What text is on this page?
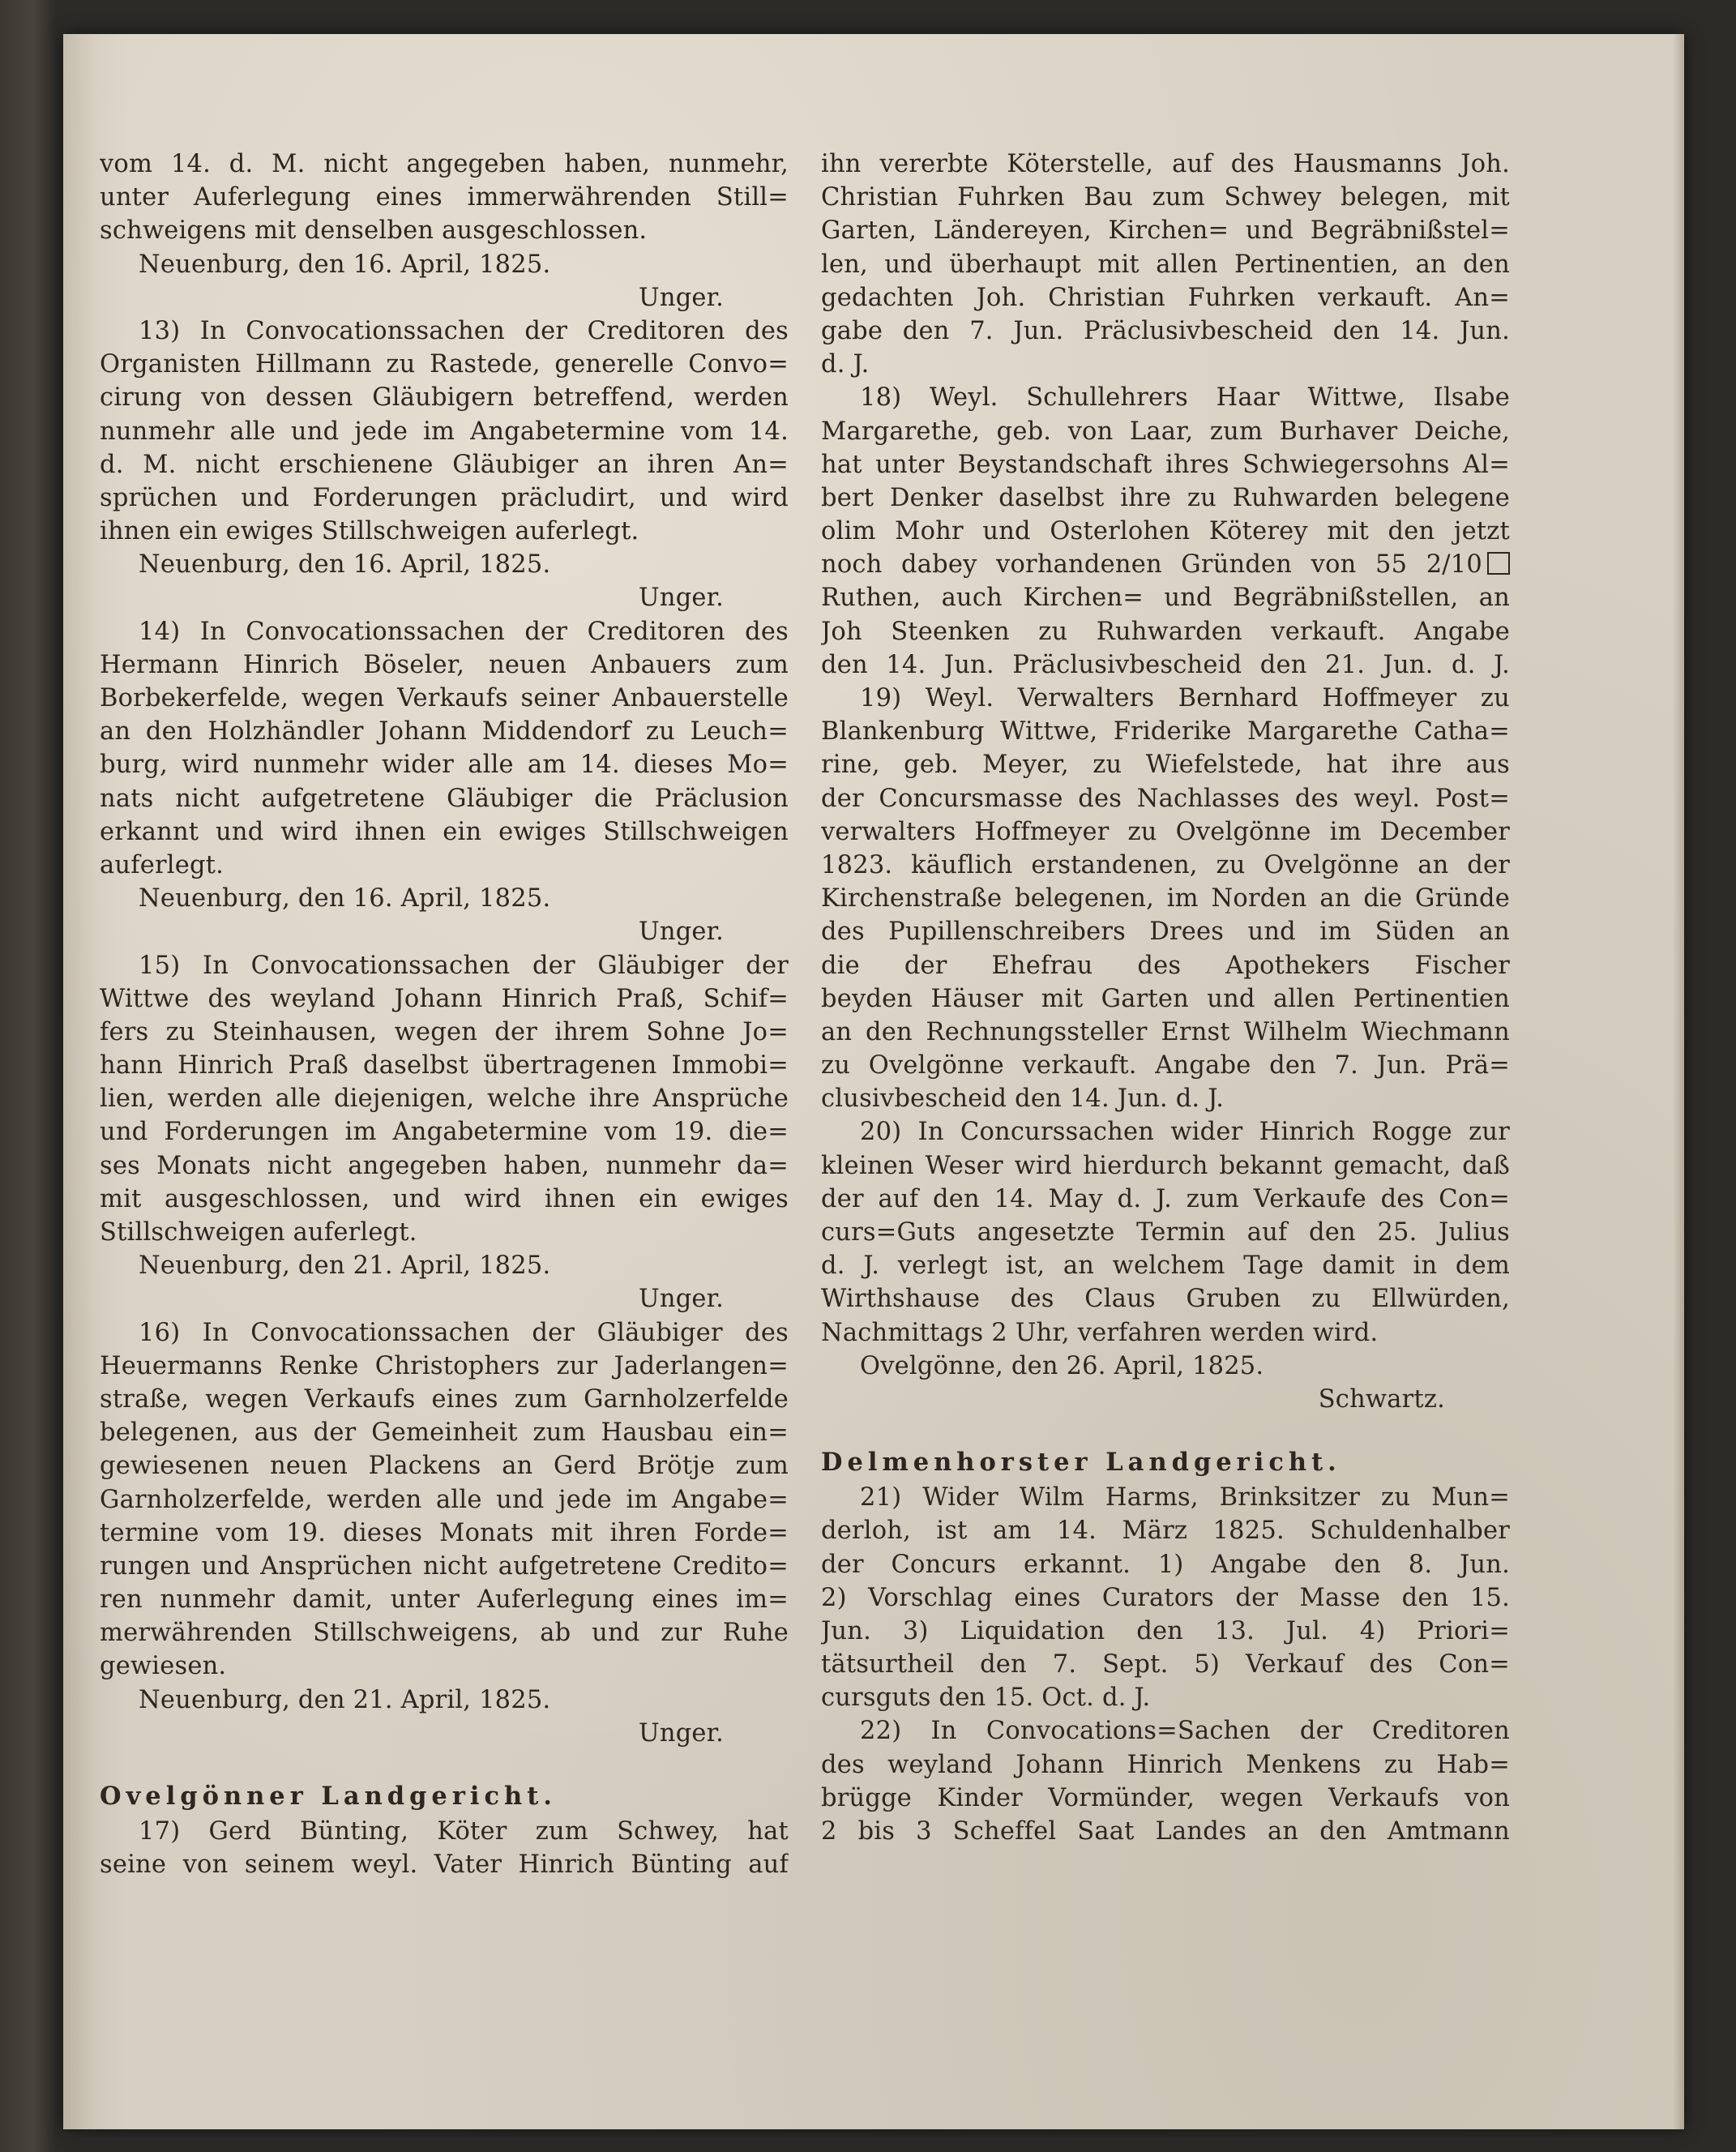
vom 14. d. M. nicht angegeben haben, nunmehr,
unter Auferlegung eines immerwährenden Still=
schweigens mit denselben ausgeschlossen.
Neuenburg, den 16. April, 1825.
Unger.
13) In Convocationssachen der Creditoren des
Organisten Hillmann zu Rastede, generelle Convo=
cirung von dessen Gläubigern betreffend, werden
nunmehr alle und jede im Angabetermine vom 14.
d. M. nicht erschienene Gläubiger an ihren An=
sprüchen und Forderungen präcludirt, und wird
ihnen ein ewiges Stillschweigen auferlegt.
Neuenburg, den 16. April, 1825.
Unger.
14) In Convocationssachen der Creditoren des
Hermann Hinrich Böseler, neuen Anbauers zum
Borbekerfelde, wegen Verkaufs seiner Anbauerstelle
an den Holzhändler Johann Middendorf zu Leuch=
burg, wird nunmehr wider alle am 14. dieses Mo=
nats nicht aufgetretene Gläubiger die Präclusion
erkannt und wird ihnen ein ewiges Stillschweigen
auferlegt.
Neuenburg, den 16. April, 1825.
Unger.
15) In Convocationssachen der Gläubiger der
Wittwe des weyland Johann Hinrich Praß, Schif=
fers zu Steinhausen, wegen der ihrem Sohne Jo=
hann Hinrich Praß daselbst übertragenen Immobi=
lien, werden alle diejenigen, welche ihre Ansprüche
und Forderungen im Angabetermine vom 19. die=
ses Monats nicht angegeben haben, nunmehr da=
mit ausgeschlossen, und wird ihnen ein ewiges
Stillschweigen auferlegt.
Neuenburg, den 21. April, 1825.
Unger.
16) In Convocationssachen der Gläubiger des
Heuermanns Renke Christophers zur Jaderlangen=
straße, wegen Verkaufs eines zum Garnholzerfelde
belegenen, aus der Gemeinheit zum Hausbau ein=
gewiesenen neuen Plackens an Gerd Brötje zum
Garnholzerfelde, werden alle und jede im Angabe=
termine vom 19. dieses Monats mit ihren Forde=
rungen und Ansprüchen nicht aufgetretene Credito=
ren nunmehr damit, unter Auferlegung eines im=
merwährenden Stillschweigens, ab und zur Ruhe
gewiesen.
Neuenburg, den 21. April, 1825.
Unger.
Ovelgönner Landgericht.
17) Gerd Bünting, Köter zum Schwey, hat
seine von seinem weyl. Vater Hinrich Bünting auf
ihn vererbte Köterstelle, auf des Hausmanns Joh.
Christian Fuhrken Bau zum Schwey belegen, mit
Garten, Ländereyen, Kirchen= und Begräbnißstel=
len, und überhaupt mit allen Pertinentien, an den
gedachten Joh. Christian Fuhrken verkauft. An=
gabe den 7. Jun. Präclusivbescheid den 14. Jun.
d. J.
18) Weyl. Schullehrers Haar Wittwe, Ilsabe
Margarethe, geb. von Laar, zum Burhaver Deiche,
hat unter Beystandschaft ihres Schwiegersohns Al=
bert Denker daselbst ihre zu Ruhwarden belegene
olim Mohr und Osterlohen Köterey mit den jetzt
noch dabey vorhandenen Gründen von 55 2/10
Ruthen, auch Kirchen= und Begräbnißstellen, an
Joh Steenken zu Ruhwarden verkauft. Angabe
den 14. Jun. Präclusivbescheid den 21. Jun. d. J.
19) Weyl. Verwalters Bernhard Hoffmeyer zu
Blankenburg Wittwe, Friderike Margarethe Catha=
rine, geb. Meyer, zu Wiefelstede, hat ihre aus
der Concursmasse des Nachlasses des weyl. Post=
verwalters Hoffmeyer zu Ovelgönne im December
1823. käuflich erstandenen, zu Ovelgönne an der
Kirchenstraße belegenen, im Norden an die Gründe
des Pupillenschreibers Drees und im Süden an
die der Ehefrau des Apothekers Fischer
beyden Häuser mit Garten und allen Pertinentien
an den Rechnungssteller Ernst Wilhelm Wiechmann
zu Ovelgönne verkauft. Angabe den 7. Jun. Prä=
clusivbescheid den 14. Jun. d. J.
20) In Concurssachen wider Hinrich Rogge zur
kleinen Weser wird hierdurch bekannt gemacht, daß
der auf den 14. May d. J. zum Verkaufe des Con=
curs=Guts angesetzte Termin auf den 25. Julius
d. J. verlegt ist, an welchem Tage damit in dem
Wirthshause des Claus Gruben zu Ellwürden,
Nachmittags 2 Uhr, verfahren werden wird.
Ovelgönne, den 26. April, 1825.
Schwartz.
Delmenhorster Landgericht.
21) Wider Wilm Harms, Brinksitzer zu Mun=
derloh, ist am 14. März 1825. Schuldenhalber
der Concurs erkannt. 1) Angabe den 8. Jun.
2) Vorschlag eines Curators der Masse den 15.
Jun. 3) Liquidation den 13. Jul. 4) Priori=
tätsurtheil den 7. Sept. 5) Verkauf des Con=
cursguts den 15. Oct. d. J.
22) In Convocations=Sachen der Creditoren
des weyland Johann Hinrich Menkens zu Hab=
brügge Kinder Vormünder, wegen Verkaufs von
2 bis 3 Scheffel Saat Landes an den Amtmann
